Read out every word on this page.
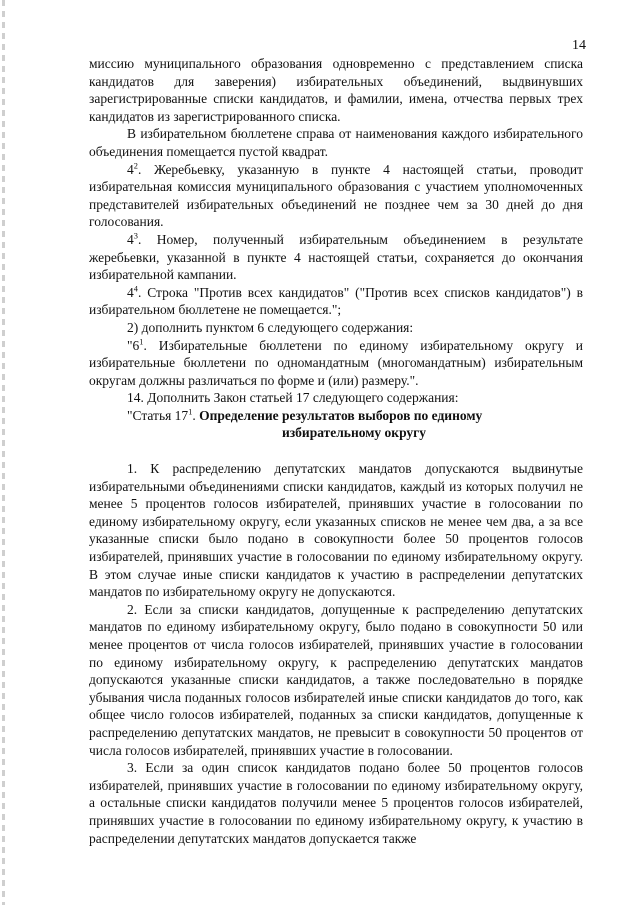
14

миссию муниципального образования одновременно с представлением списка кандидатов для заверения) избирательных объединений, выдвинувших зарегистрированные списки кандидатов, и фамилии, имена, отчества первых трех кандидатов из зарегистрированного списка.

В избирательном бюллетене справа от наименования каждого избирательного объединения помещается пустой квадрат.

$4^2$. Жеребьевку, указанную в пункте 4 настоящей статьи, проводит избирательная комиссия муниципального образования с участием уполномоченных представителей избирательных объединений не позднее чем за 30 дней до дня голосования.

$4^3$. Номер, полученный избирательным объединением в результате жеребьевки, указанной в пункте 4 настоящей статьи, сохраняется до окончания избирательной кампании.

$4^4$. Строка "Против всех кандидатов" ("Против всех списков кандидатов") в избирательном бюллетене не помещается.";

2) дополнить пунктом 6 следующего содержания:

"$6^1$. Избирательные бюллетени по единому избирательному округу и избирательные бюллетени по одномандатным (многомандатным) избирательным округам должны различаться по форме и (или) размеру.".

14. Дополнить Закон статьей 17 следующего содержания:

"Статья $17^1$. Определение результатов выборов по единому

избирательному округу

1. К распределению депутатских мандатов допускаются выдвинутые избирательными объединениями списки кандидатов, каждый из которых получил не менее 5 процентов голосов избирателей, принявших участие в голосовании по единому избирательному округу, если указанных списков не менее чем два, а за все указанные списки было подано в совокупности более 50 процентов голосов избирателей, принявших участие в голосовании по единому избирательному округу. В этом случае иные списки кандидатов к участию в распределении депутатских мандатов по избирательному округу не допускаются.

2. Если за списки кандидатов, допущенные к распределению депутатских мандатов по единому избирательному округу, было подано в совокупности 50 или менее процентов от числа голосов избирателей, принявших участие в голосовании по единому избирательному округу, к распределению депутатских мандатов допускаются указанные списки кандидатов, а также последовательно в порядке убывания числа поданных голосов избирателей иные списки кандидатов до того, как общее число голосов избирателей, поданных за списки кандидатов, допущенные к распределению депутатских мандатов, не превысит в совокупности 50 процентов от числа голосов избирателей, принявших участие в голосовании.

3. Если за один список кандидатов подано более 50 процентов голосов избирателей, принявших участие в голосовании по единому избирательному округу, а остальные списки кандидатов получили менее 5 процентов голосов избирателей, принявших участие в голосовании по единому избирательному округу, к участию в распределении депутатских мандатов допускается также
